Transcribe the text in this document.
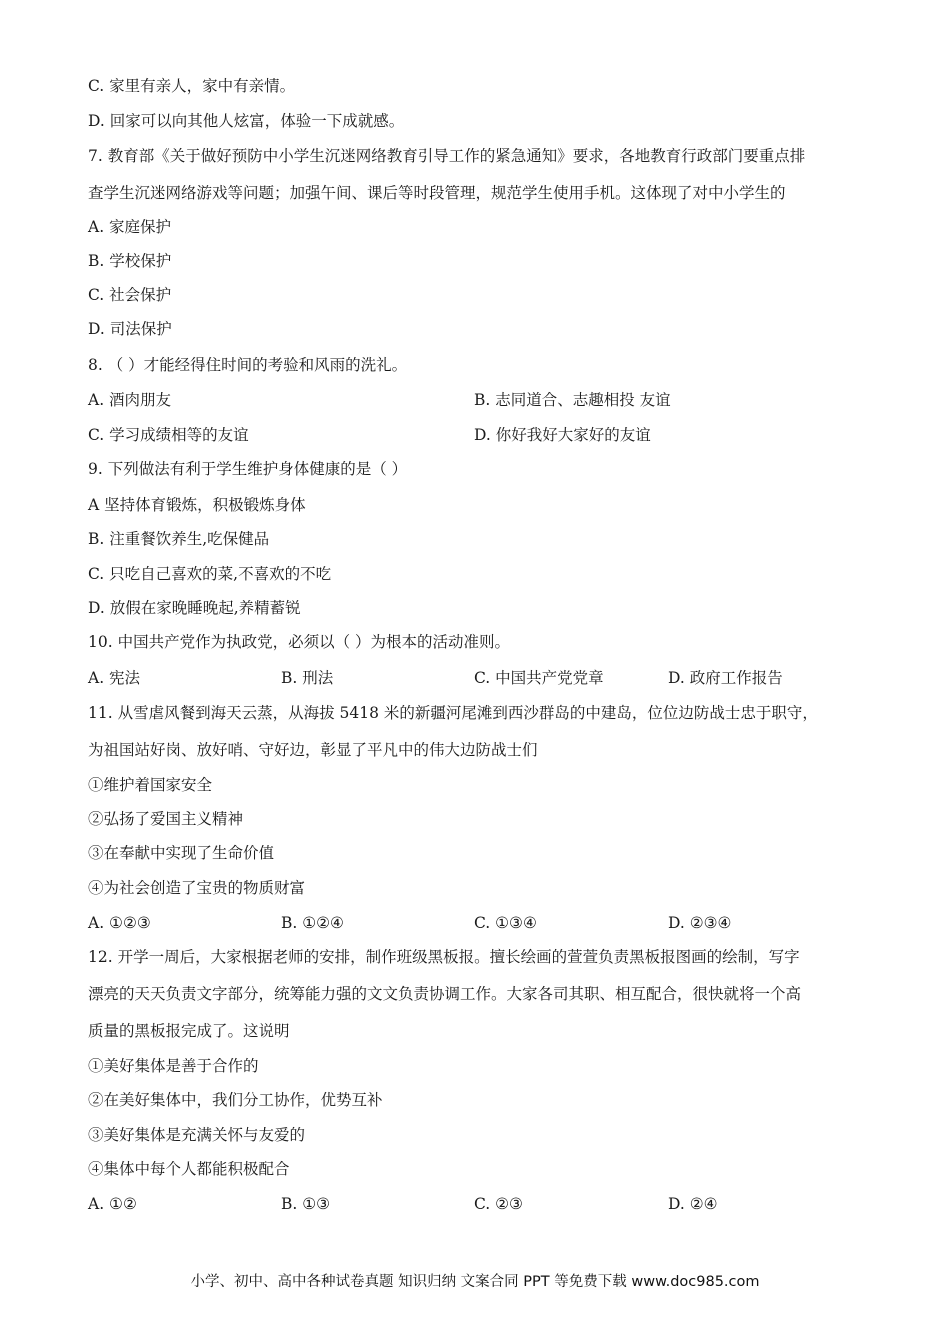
C. 家里有亲人，家中有亲情。
D. 回家可以向其他人炫富，体验一下成就感。
7. 教育部《关于做好预防中小学生沉迷网络教育引导工作的紧急通知》要求，各地教育行政部门要重点排
查学生沉迷网络游戏等问题；加强午间、课后等时段管理，规范学生使用手机。这体现了对中小学生的
A. 家庭保护
B. 学校保护
C. 社会保护
D. 司法保护
8. （ ）才能经得住时间的考验和风雨的洗礼。
A. 酒肉朋友	B. 志同道合、志趣相投 友谊
C. 学习成绩相等的友谊	D. 你好我好大家好的友谊
9. 下列做法有利于学生维护身体健康的是（ ）
A 坚持体育锻炼，积极锻炼身体
B. 注重餐饮养生,吃保健品
C. 只吃自己喜欢的菜,不喜欢的不吃
D. 放假在家晚睡晚起,养精蓄锐
10. 中国共产党作为执政党，必须以（ ）为根本的活动准则。
A. 宪法	B. 刑法	C. 中国共产党党章	D. 政府工作报告
11. 从雪虐风餐到海天云蒸，从海拔 5418 米的新疆河尾滩到西沙群岛的中建岛，位位边防战士忠于职守，
为祖国站好岗、放好哨、守好边，彰显了平凡中的伟大边防战士们
①维护着国家安全
②弘扬了爱国主义精神
③在奉献中实现了生命价值
④为社会创造了宝贵的物质财富
A. ①②③	B. ①②④	C. ①③④	D. ②③④
12. 开学一周后，大家根据老师的安排，制作班级黑板报。擅长绘画的萱萱负责黑板报图画的绘制，写字
漂亮的天天负责文字部分，统筹能力强的文文负责协调工作。大家各司其职、相互配合，很快就将一个高
质量的黑板报完成了。这说明
①美好集体是善于合作的
②在美好集体中，我们分工协作，优势互补
③美好集体是充满关怀与友爱的
④集体中每个人都能积极配合
A. ①②	B. ①③	C. ②③	D. ②④
小学、初中、高中各种试卷真题 知识归纳 文案合同 PPT 等免费下载 www.doc985.com
